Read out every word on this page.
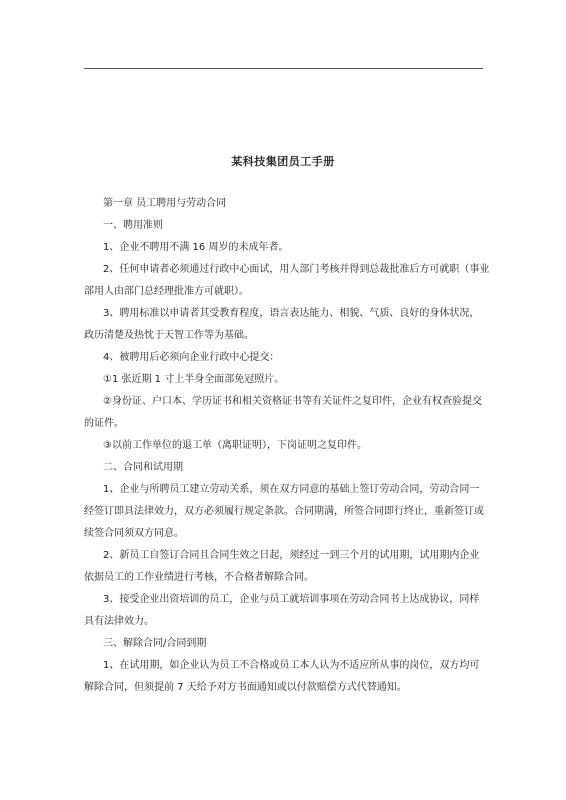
某科技集团员工手册
第一章 员工聘用与劳动合同
一、聘用准则
1、企业不聘用不满 16 周岁的未成年者。
2、任何申请者必须通过行政中心面试，用人部门考核并得到总裁批准后方可就职（事业
部用人由部门总经理批准方可就职）。
3、聘用标准以申请者其受教育程度，语言表达能力、相貌、气质、良好的身体状况，
政历清楚及热忱于天智工作等为基础。
4、被聘用后必须向企业行政中心提交：
①1 张近期 1 寸上半身全面部免冠照片。
②身份证、户口本、学历证书和相关资格证书等有关证件之复印件，企业有权查验提交
的证件。
③以前工作单位的退工单（离职证明），下岗证明之复印件。
二、合同和试用期
1、企业与所聘员工建立劳动关系，须在双方同意的基础上签订劳动合同，劳动合同一
经签订即具法律效力，双方必须履行规定条款。合同期满，所签合同即行终止，重新签订或
续签合同须双方同意。
2、新员工自签订合同且合同生效之日起，须经过一到三个月的试用期，试用期内企业
依据员工的工作业绩进行考核，不合格者解除合同。
3、接受企业出资培训的员工，企业与员工就培训事项在劳动合同书上达成协议，同样
具有法律效力。
三、解除合同/合同到期
1、在试用期，如企业认为员工不合格或员工本人认为不适应所从事的岗位，双方均可
解除合同，但须提前 7 天给予对方书面通知或以付款赔偿方式代替通知。
